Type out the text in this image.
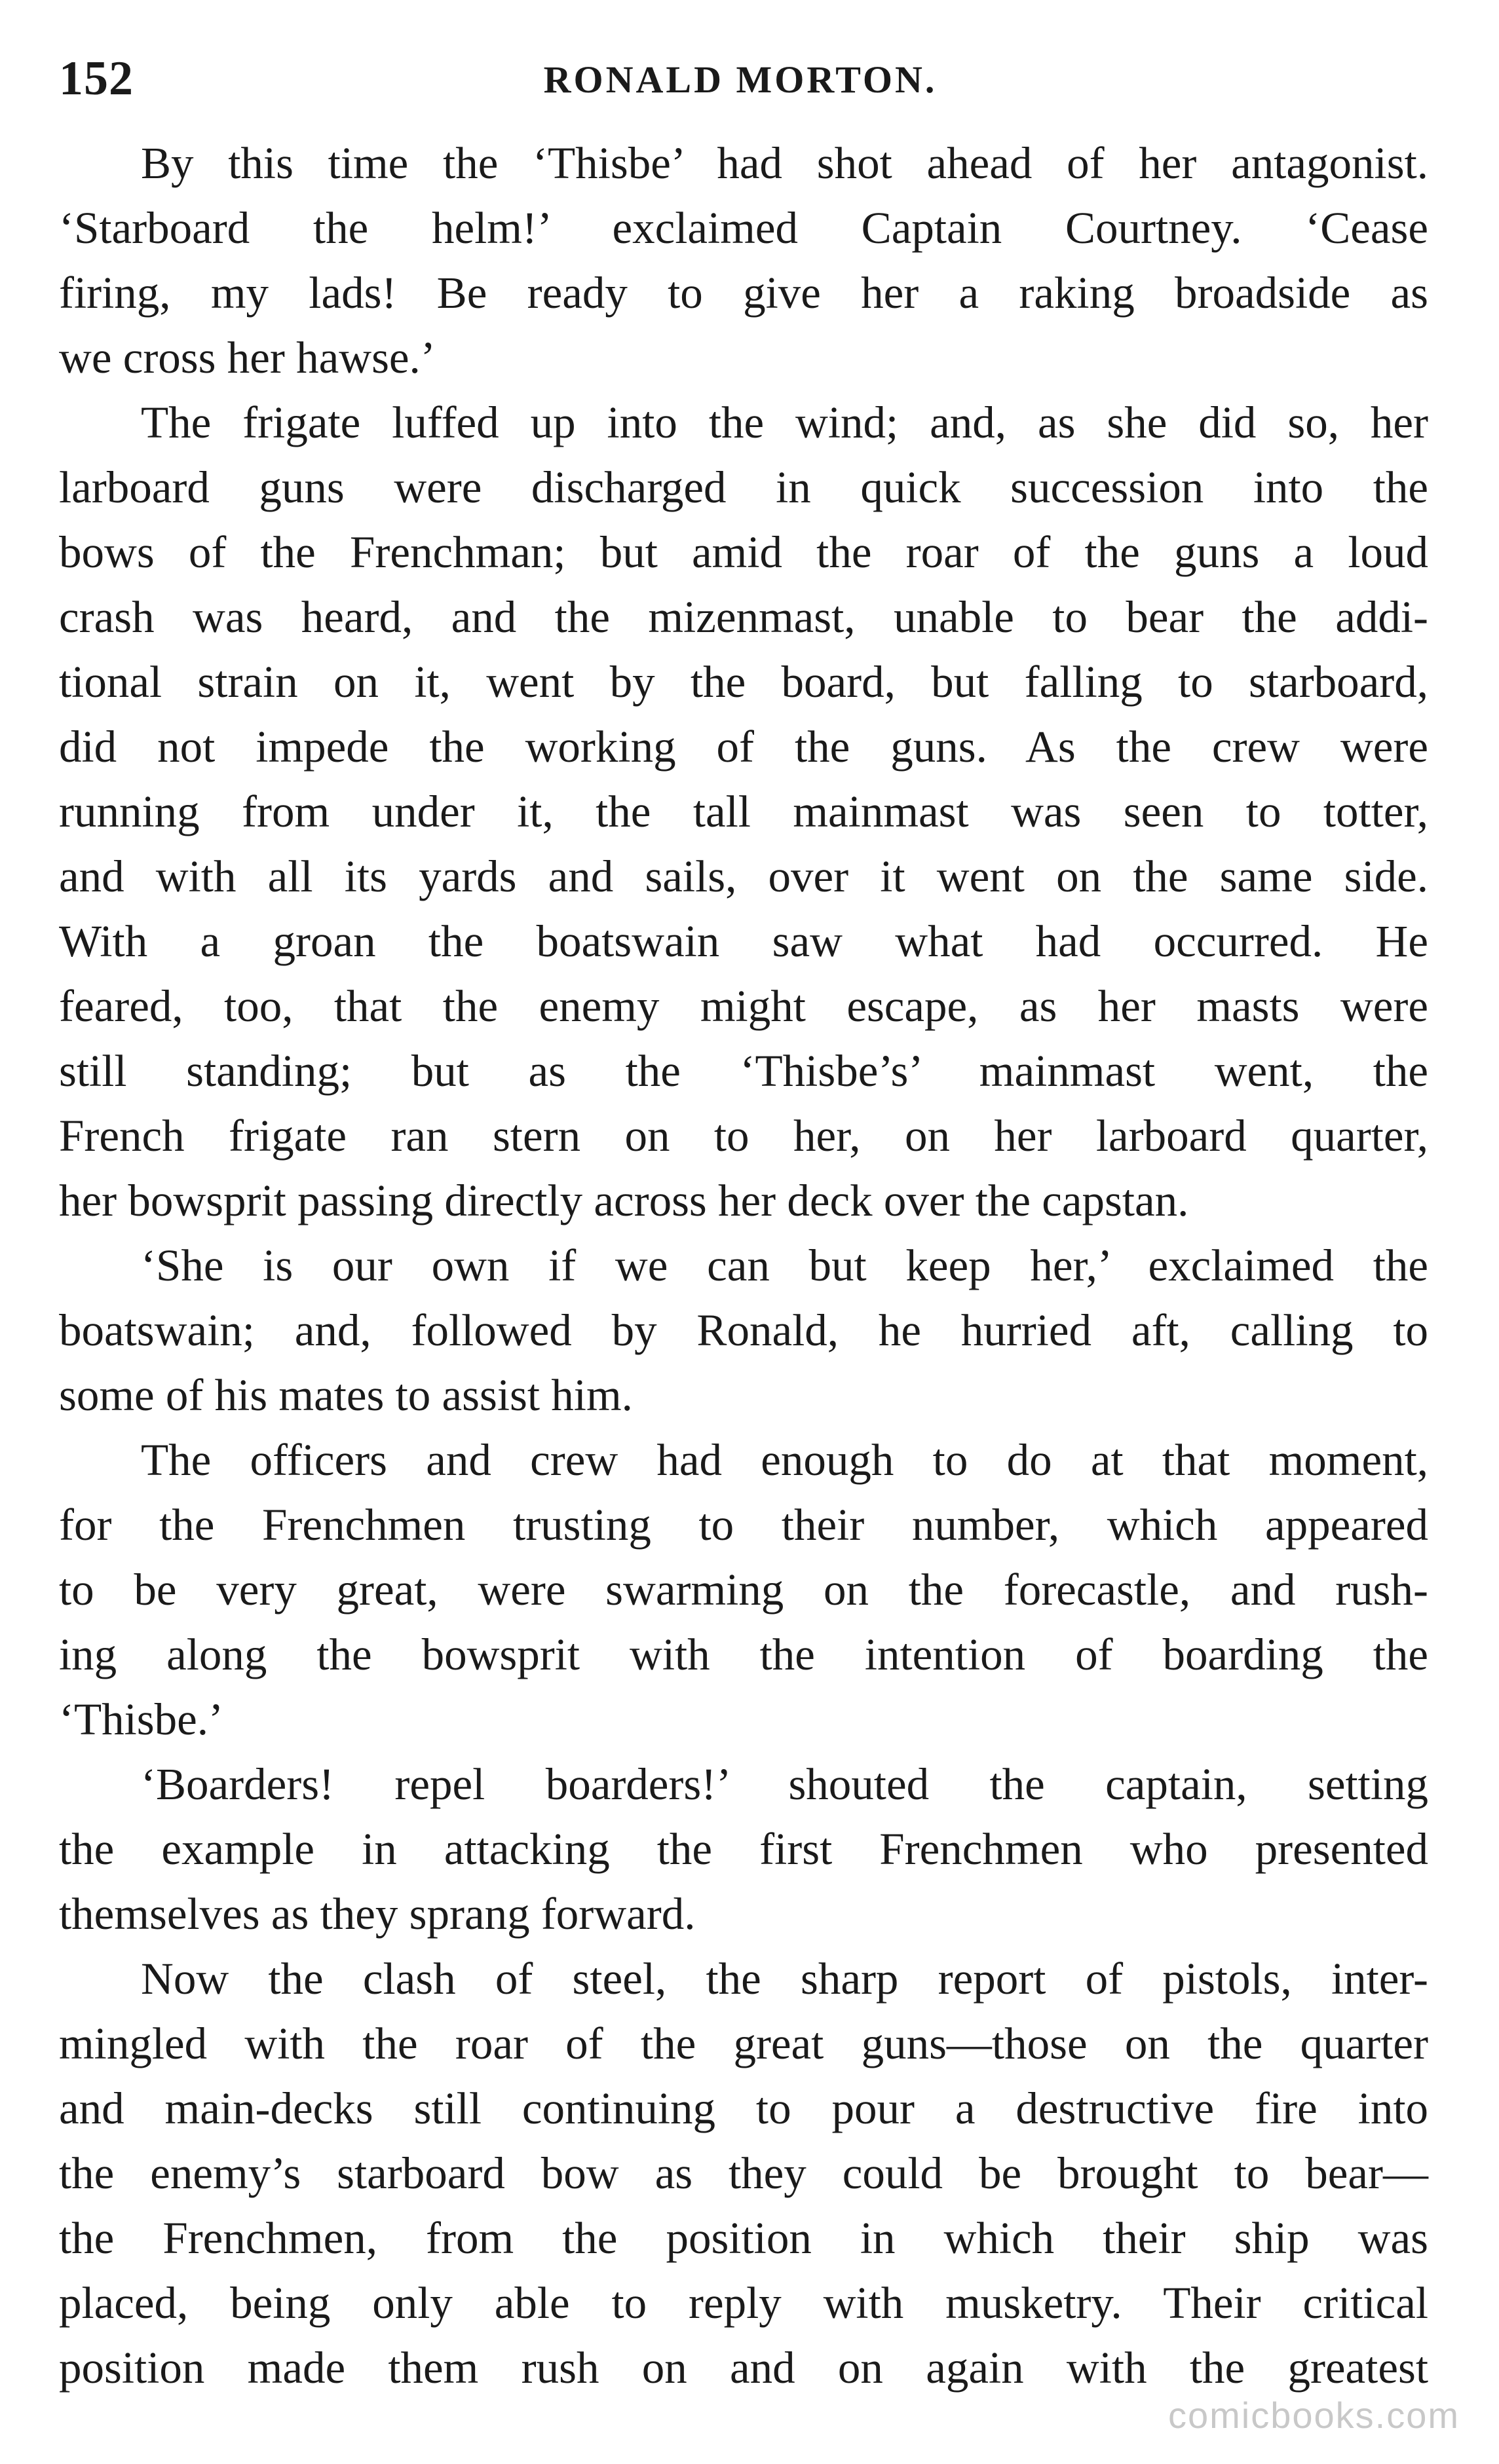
152	RONALD MORTON.
By this time the ‘Thisbe’ had shot ahead of her antagonist.
‘Starboard the helm!’ exclaimed Captain Courtney. ‘Cease
firing, my lads! Be ready to give her a raking broadside as
we cross her hawse.’
The frigate luffed up into the wind; and, as she did so, her
larboard guns were discharged in quick succession into the
bows of the Frenchman; but amid the roar of the guns a loud
crash was heard, and the mizenmast, unable to bear the addi-
tional strain on it, went by the board, but falling to starboard,
did not impede the working of the guns. As the crew were
running from under it, the tall mainmast was seen to totter,
and with all its yards and sails, over it went on the same side.
With a groan the boatswain saw what had occurred. He
feared, too, that the enemy might escape, as her masts were
still standing; but as the ‘Thisbe’s’ mainmast went, the
French frigate ran stern on to her, on her larboard quarter,
her bowsprit passing directly across her deck over the capstan.
‘She is our own if we can but keep her,’ exclaimed the
boatswain; and, followed by Ronald, he hurried aft, calling to
some of his mates to assist him.
The officers and crew had enough to do at that moment,
for the Frenchmen trusting to their number, which appeared
to be very great, were swarming on the forecastle, and rush-
ing along the bowsprit with the intention of boarding the
‘Thisbe.’
‘Boarders! repel boarders!’ shouted the captain, setting
the example in attacking the first Frenchmen who presented
themselves as they sprang forward.
Now the clash of steel, the sharp report of pistols, inter-
mingled with the roar of the great guns—those on the quarter
and main-decks still continuing to pour a destructive fire into
the enemy’s starboard bow as they could be brought to bear—
the Frenchmen, from the position in which their ship was
placed, being only able to reply with musketry. Their critical
position made them rush on and on again with the greatest
comicbooks.com
